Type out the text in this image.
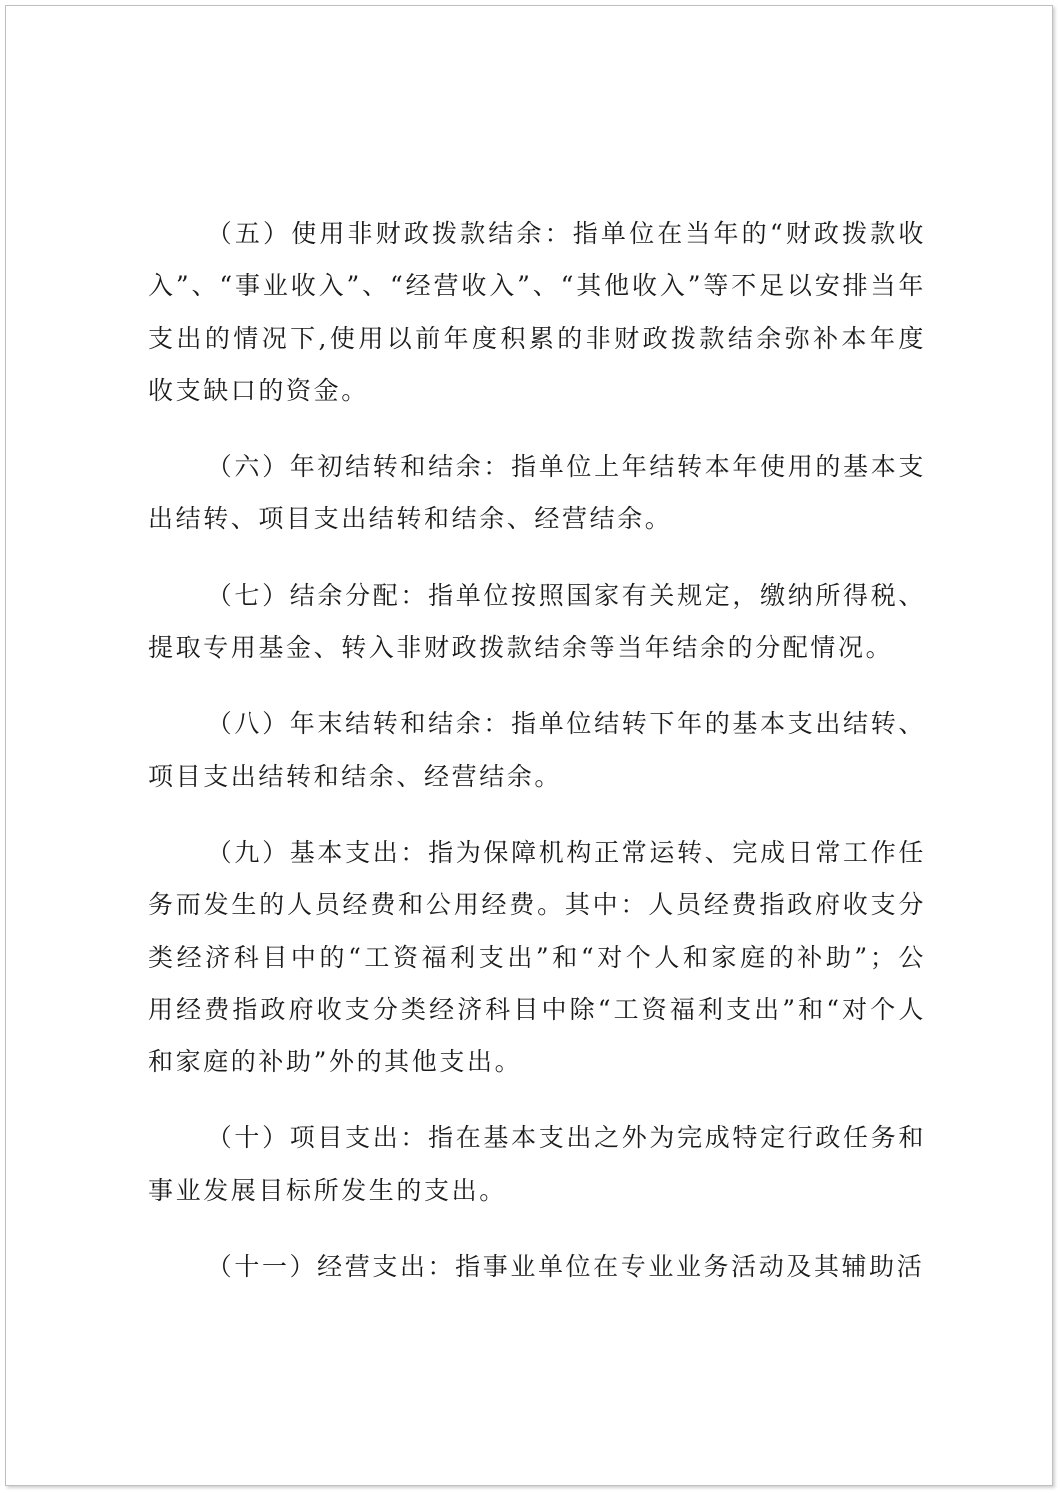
（五）使用非财政拨款结余：指单位在当年的“财政拨款收入”、“事业收入”、“经营收入”、“其他收入”等不足以安排当年支出的情况下,使用以前年度积累的非财政拨款结余弥补本年度收支缺口的资金。

（六）年初结转和结余：指单位上年结转本年使用的基本支出结转、项目支出结转和结余、经营结余。

（七）结余分配：指单位按照国家有关规定，缴纳所得税、提取专用基金、转入非财政拨款结余等当年结余的分配情况。

（八）年末结转和结余：指单位结转下年的基本支出结转、项目支出结转和结余、经营结余。

（九）基本支出：指为保障机构正常运转、完成日常工作任务而发生的人员经费和公用经费。其中：人员经费指政府收支分类经济科目中的“工资福利支出”和“对个人和家庭的补助”；公用经费指政府收支分类经济科目中除“工资福利支出”和“对个人和家庭的补助”外的其他支出。

（十）项目支出：指在基本支出之外为完成特定行政任务和事业发展目标所发生的支出。

（十一）经营支出：指事业单位在专业业务活动及其辅助活
